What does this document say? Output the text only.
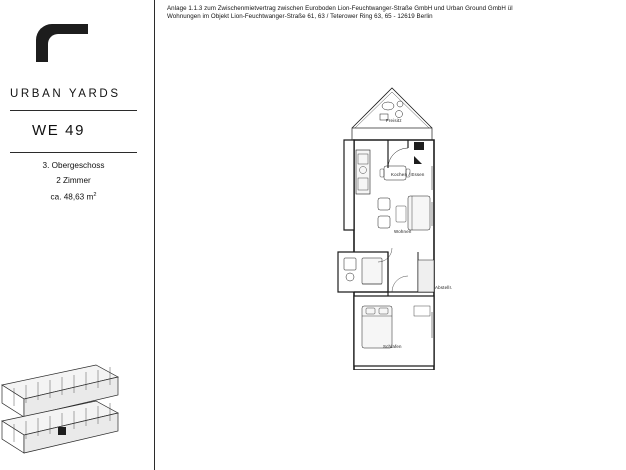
Anlage 1.1.3 zum Zwischenmietvertrag zwischen Euroboden Lion-Feuchtwanger-Straße GmbH und Urban Ground GmbH ül
Wohnungen im Objekt Lion-Feuchtwanger-Straße 61, 63 / Teterower Ring 63, 65 - 12619 Berlin
URBAN YARDS
WE 49
3. Obergeschoss
2 Zimmer
ca. 48,63 $m^2$
Freisitz
Kochen / Essen
Wohnen
Abstellr.
Schlafen
